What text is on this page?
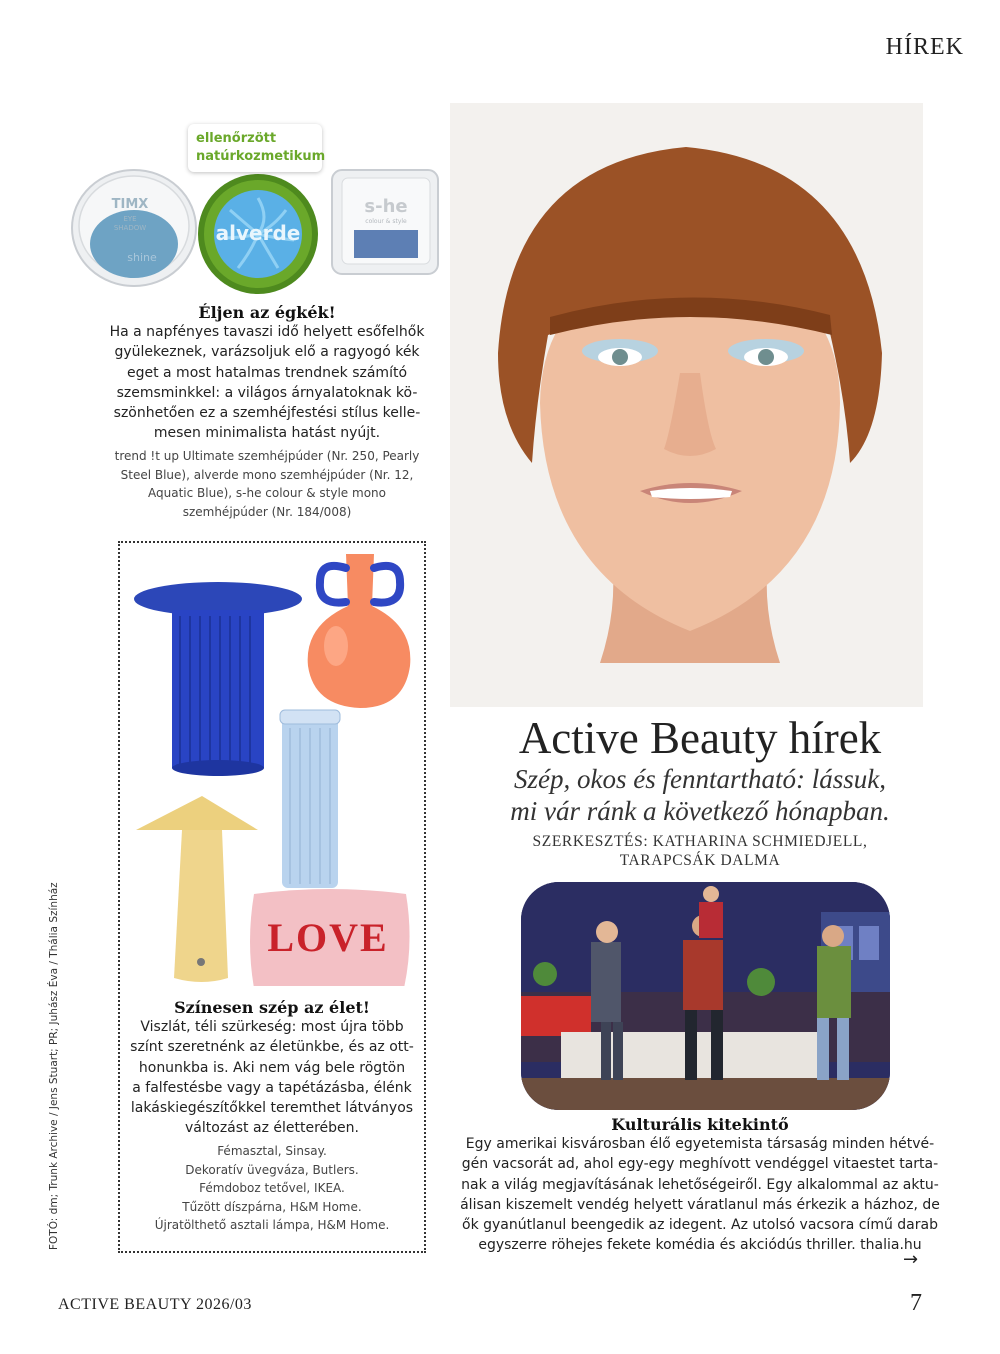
HÍREK
FOTÓ: dm; Trunk Archive / Jens Stuart; PR; Juhász Éva / Thália Színház
TIMX
EYE
SHADOW
shine
alverde
s-he
colour & style
ellenőrzött
natúrkozmetikum
Éljen az égkék!
Ha a napfényes tavaszi idő helyett esőfelhők
gyülekeznek, varázsoljuk elő a ragyogó kék
eget a most hatalmas trendnek számító
szemsminkkel: a világos árnyalatoknak kö-
szönhetően ez a szemhéjfestési stílus kelle-
mesen minimalista hatást nyújt.
trend !t up Ultimate szemhéjpúder (Nr. 250, Pearly
Steel Blue), alverde mono szemhéjpúder (Nr. 12,
Aquatic Blue), s-he colour & style mono
szemhéjpúder (Nr. 184/008)
LOVE
Színesen szép az élet!
Viszlát, téli szürkeség: most újra több
színt szeretnénk az életünkbe, és az ott-
honunkba is. Aki nem vág bele rögtön
a falfestésbe vagy a tapétázásba, élénk
lakáskiegészítőkkel teremthet látványos
változást az életterében.
Fémasztal, Sinsay.
Dekoratív üvegváza, Butlers.
Fémdoboz tetővel, IKEA.
Tűzött díszpárna, H&M Home.
Újratölthető asztali lámpa, H&M Home.
Active Beauty hírek
Szép, okos és fenntartható: lássuk,
mi vár ránk a következő hónapban.
SZERKESZTÉS: KATHARINA SCHMIEDJELL,
TARAPCSÁK DALMA
Kulturális kitekintő
Egy amerikai kisvárosban élő egyetemista társaság minden hétvé-
gén vacsorát ad, ahol egy-egy meghívott vendéggel vitaestet tarta-
nak a világ megjavításának lehetőségeiről. Egy alkalommal az aktu-
álisan kiszemelt vendég helyett váratlanul más érkezik a házhoz, de
ők gyanútlanul beengedik az idegent. Az utolsó vacsora című darab
egyszerre röhejes fekete komédia és akciódús thriller. thalia.hu
→
ACTIVE BEAUTY 2026/03	7
